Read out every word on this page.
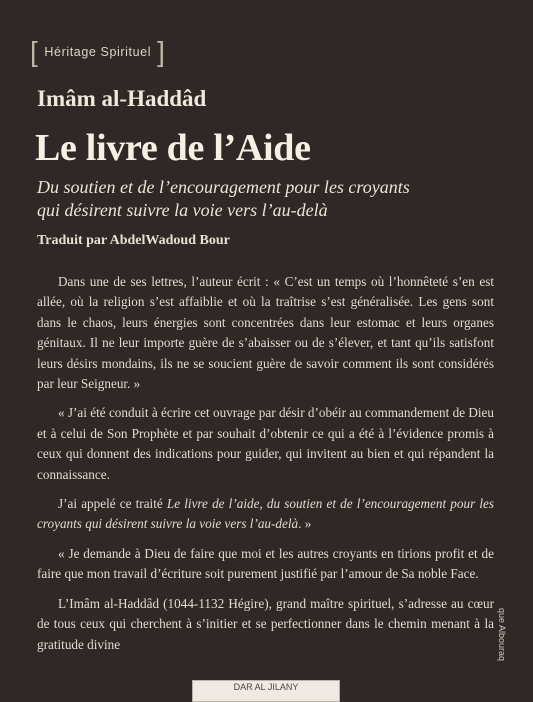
[ Héritage Spirituel ]
Imâm al-Haddâd
Le livre de l’Aide
Du soutien et de l’encouragement pour les croyants
qui désirent suivre la voie vers l’au-delà
Traduit par AbdelWadoud Bour

Dans une de ses lettres, l’auteur écrit : « C’est un temps où l’honnêteté s’en est allée, où la religion s’est affaiblie et où la traîtrise s’est généralisée. Les gens sont dans le chaos, leurs énergies sont concentrées dans leur estomac et leurs organes génitaux. Il ne leur importe guère de s’abaisser ou de s’élever, et tant qu’ils satisfont leurs désirs mondains, ils ne se soucient guère de savoir comment ils sont considérés par leur Seigneur. »

« J’ai été conduit à écrire cet ouvrage par désir d’obéir au commandement de Dieu et à celui de Son Prophète et par souhait d’obtenir ce qui a été à l’évidence promis à ceux qui donnent des indications pour guider, qui invitent au bien et qui répandent la connaissance.

J’ai appelé ce traité Le livre de l’aide, du soutien et de l’encouragement pour les croyants qui désirent suivre la voie vers l’au-delà. »

« Je demande à Dieu de faire que moi et les autres croyants en tirions profit et de faire que mon travail d’écriture soit purement justifié par l’amour de Sa noble Face.

L’Imâm al-Haddâd (1044-1132 Hégire), grand maître spirituel, s’adresse au cœur de tous ceux qui cherchent à s’initier et se perfectionner dans le chemin menant à la gratitude divine	que Albouraq
DAR AL JILANY
